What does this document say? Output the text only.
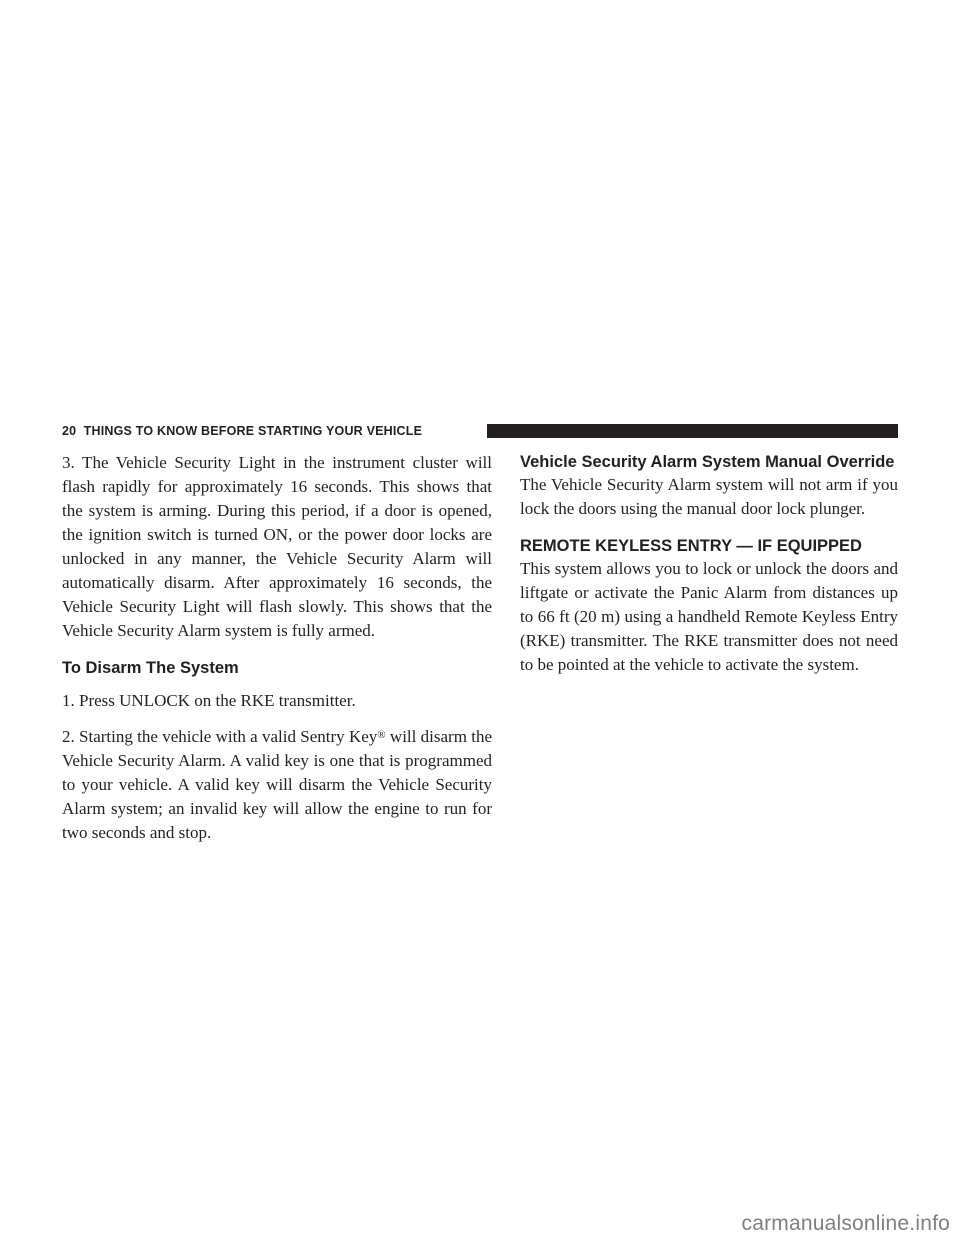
20 THINGS TO KNOW BEFORE STARTING YOUR VEHICLE

3. The Vehicle Security Light in the instrument cluster will flash rapidly for approximately 16 seconds. This shows that the system is arming. During this period, if a door is opened, the ignition switch is turned ON, or the power door locks are unlocked in any manner, the Vehicle Security Alarm will automatically disarm. After approximately 16 seconds, the Vehicle Security Light will flash slowly. This shows that the Vehicle Security Alarm system is fully armed.

To Disarm The System

1. Press UNLOCK on the RKE transmitter.

2. Starting the vehicle with a valid Sentry Key® will disarm the Vehicle Security Alarm. A valid key is one that is programmed to your vehicle. A valid key will disarm the Vehicle Security Alarm system; an invalid key will allow the engine to run for two seconds and stop.

Vehicle Security Alarm System Manual Override

The Vehicle Security Alarm system will not arm if you lock the doors using the manual door lock plunger.

REMOTE KEYLESS ENTRY — IF EQUIPPED

This system allows you to lock or unlock the doors and liftgate or activate the Panic Alarm from distances up to 66 ft (20 m) using a handheld Remote Keyless Entry (RKE) transmitter. The RKE transmitter does not need to be pointed at the vehicle to activate the system.

carmanualsonline.info
